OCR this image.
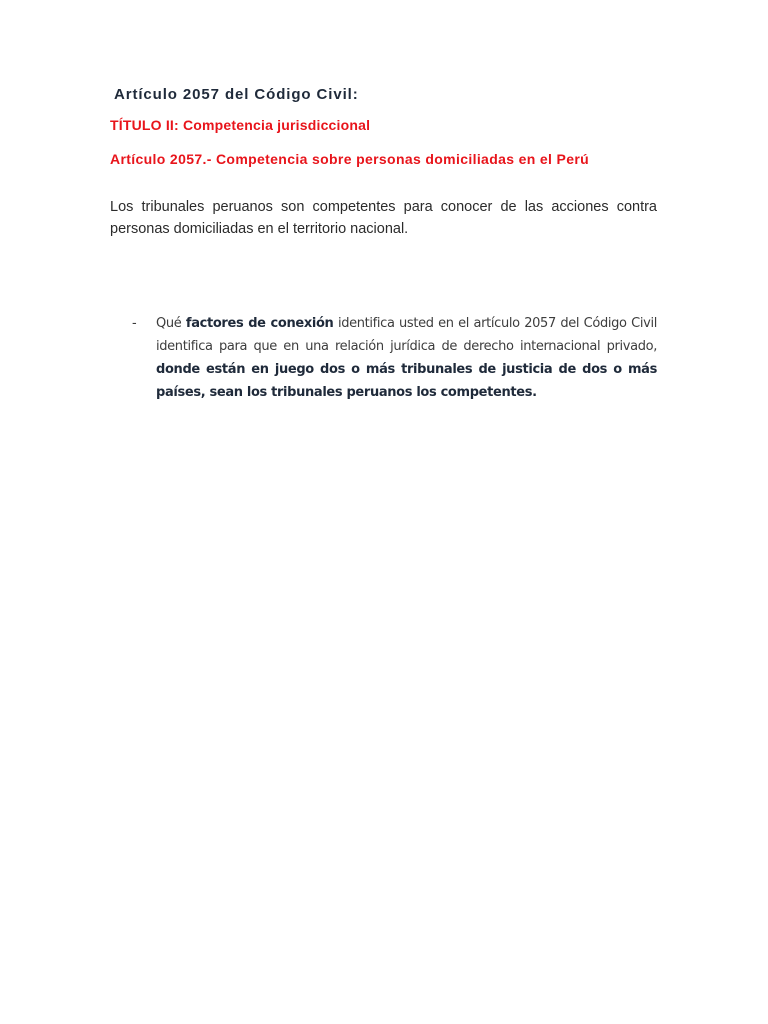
Artículo 2057 del Código Civil:
TÍTULO II: Competencia jurisdiccional
Artículo 2057.- Competencia sobre personas domiciliadas en el Perú
Los tribunales peruanos son competentes para conocer de las acciones contra personas domiciliadas en el territorio nacional.
- Qué factores de conexión identifica usted en el artículo 2057 del Código Civil identifica para que en una relación jurídica de derecho internacional privado, donde están en juego dos o más tribunales de justicia de dos o más países, sean los tribunales peruanos los competentes.
